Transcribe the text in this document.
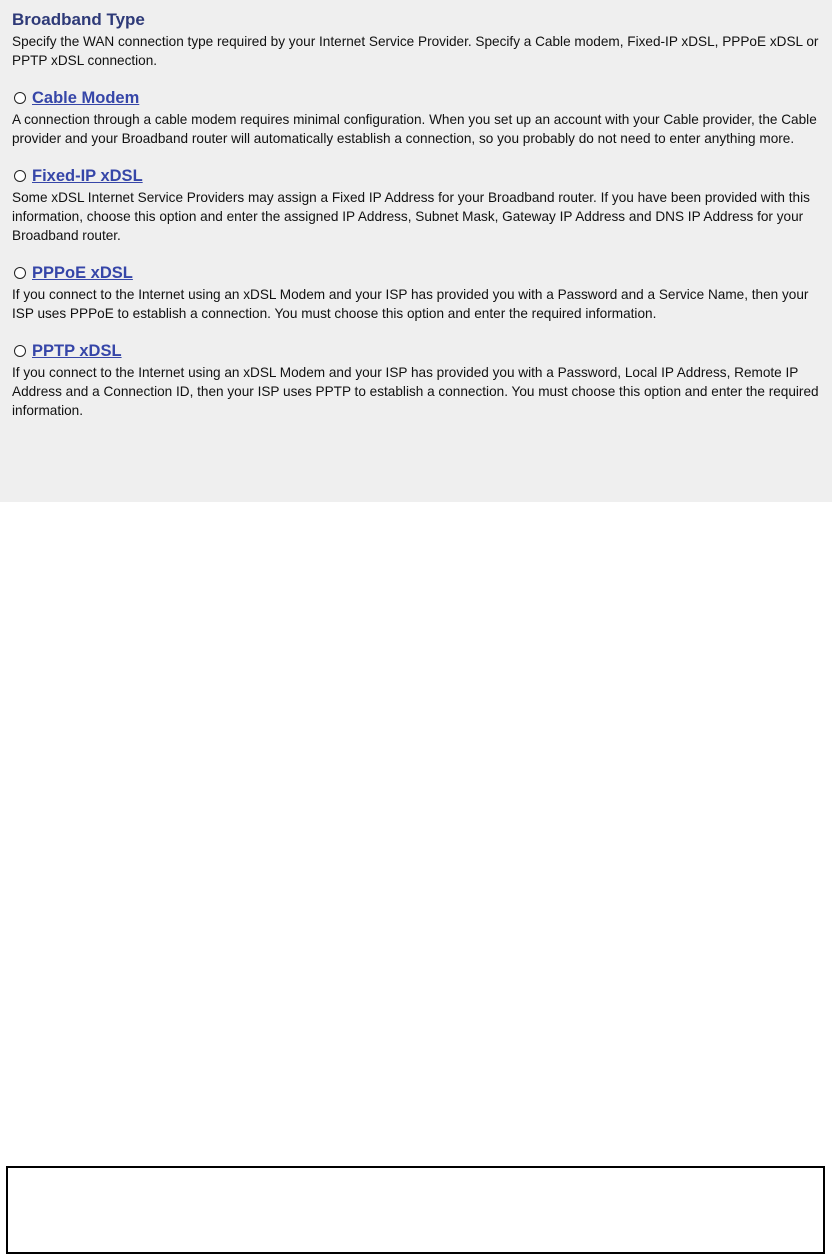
Broadband Type

Specify the WAN connection type required by your Internet Service Provider. Specify a Cable modem, Fixed-IP xDSL, PPPoE xDSL or PPTP xDSL connection.

Cable Modem

A connection through a cable modem requires minimal configuration. When you set up an account with your Cable provider, the Cable provider and your Broadband router will automatically establish a connection, so you probably do not need to enter anything more.

Fixed-IP xDSL

Some xDSL Internet Service Providers may assign a Fixed IP Address for your Broadband router. If you have been provided with this information, choose this option and enter the assigned IP Address, Subnet Mask, Gateway IP Address and DNS IP Address for your Broadband router.

PPPoE xDSL

If you connect to the Internet using an xDSL Modem and your ISP has provided you with a Password and a Service Name, then your ISP uses PPPoE to establish a connection. You must choose this option and enter the required information.

PPTP xDSL

If you connect to the Internet using an xDSL Modem and your ISP has provided you with a Password, Local IP Address, Remote IP Address and a Connection ID, then your ISP uses PPTP to establish a connection. You must choose this option and enter the required information.
